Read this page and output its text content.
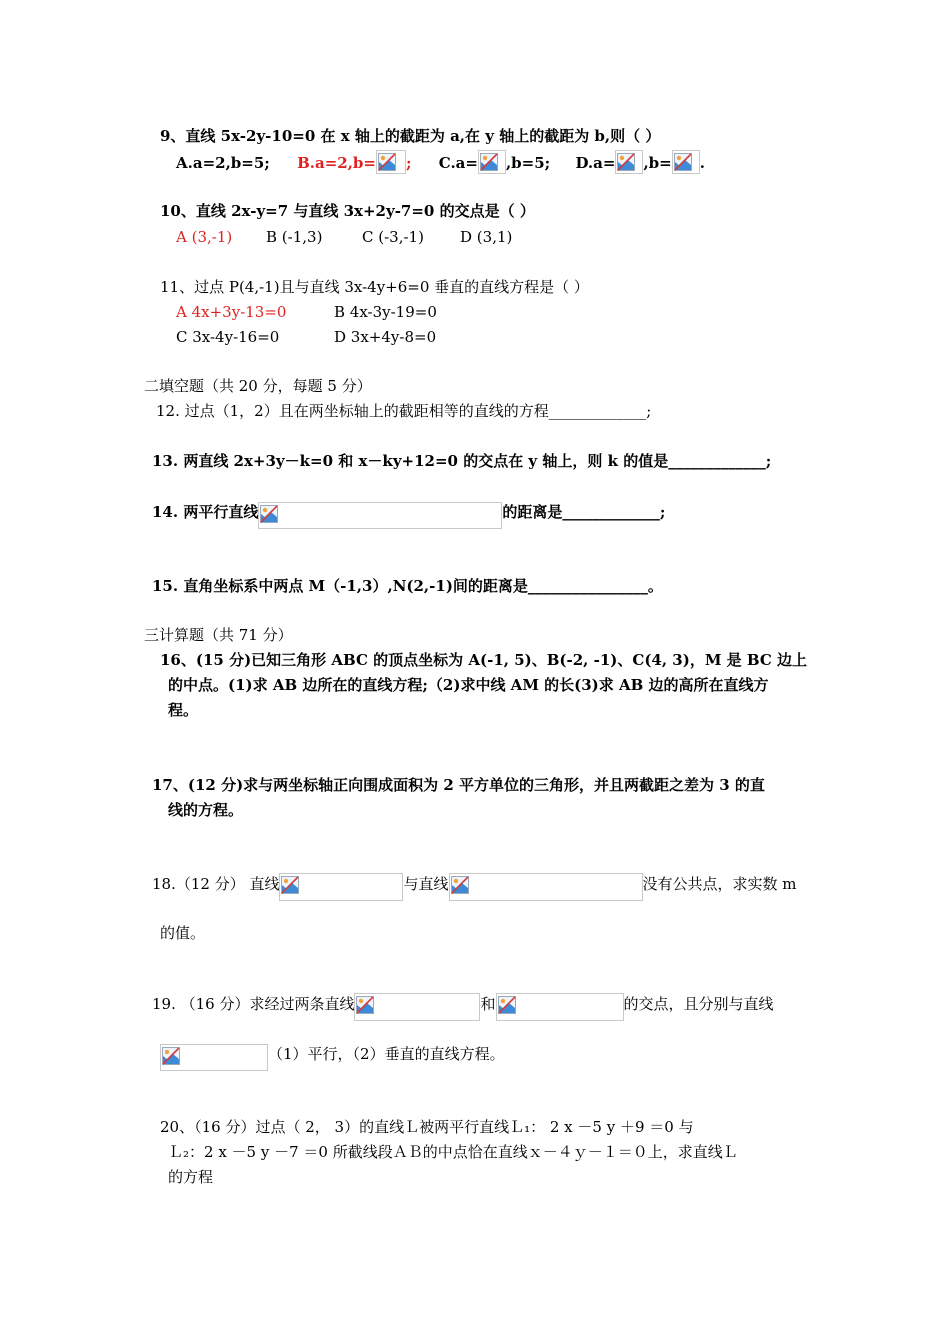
9、直线 5x-2y-10=0 在 x 轴上的截距为 a,在 y 轴上的截距为 b,则（ ）
A.a=2,b=5; B.a=2,b= ; C.a= ,b=5; D.a= ,b= .
10、直线 2x-y=7 与直线 3x+2y-7=0 的交点是（ ）
A (3,-1) B (-1,3)	C (-3,-1) D (3,1)
11、过点 P(4,-1)且与直线 3x-4y+6=0 垂直的直线方程是（ ）
A 4x+3y-13=0	B 4x-3y-19=0
C 3x-4y-16=0	D 3x+4y-8=0
二填空题（共 20 分，每题 5 分）
12. 过点（1，2）且在两坐标轴上的截距相等的直线的方程_____________;
13. 两直线 2x+3y－k=0 和 x－ky+12=0 的交点在 y 轴上，则 k 的值是_____________;
14. 两平行直线	的距离是_____________;
15. 直角坐标系中两点 M（-1,3）,N(2,-1)间的距离是________________。
三计算题（共 71 分）
16、(15 分)已知三角形 ABC 的顶点坐标为 A(-1, 5)、B(-2, -1)、C(4, 3)，M 是 BC 边上
的中点。(1)求 AB 边所在的直线方程;（2)求中线 AM 的长(3)求 AB 边的高所在直线方
程。
17、(12 分)求与两坐标轴正向围成面积为 2 平方单位的三角形，并且两截距之差为 3 的直
线的方程。
18.（12 分） 直线	与直线	没有公共点，求实数 m
的值。
19. （16 分）求经过两条直线	和	的交点，且分别与直线
（1）平行，（2）垂直的直线方程。
20、（16 分）过点（ 2， 3）的直线Ｌ被两平行直线Ｌ₁： 2 x －5 y ＋9 ＝0 与
Ｌ₂：2 x －5 y －7 ＝0 所截线段ＡＢ的中点恰在直线ｘ－４ｙ－１＝０上，求直线Ｌ
的方程
